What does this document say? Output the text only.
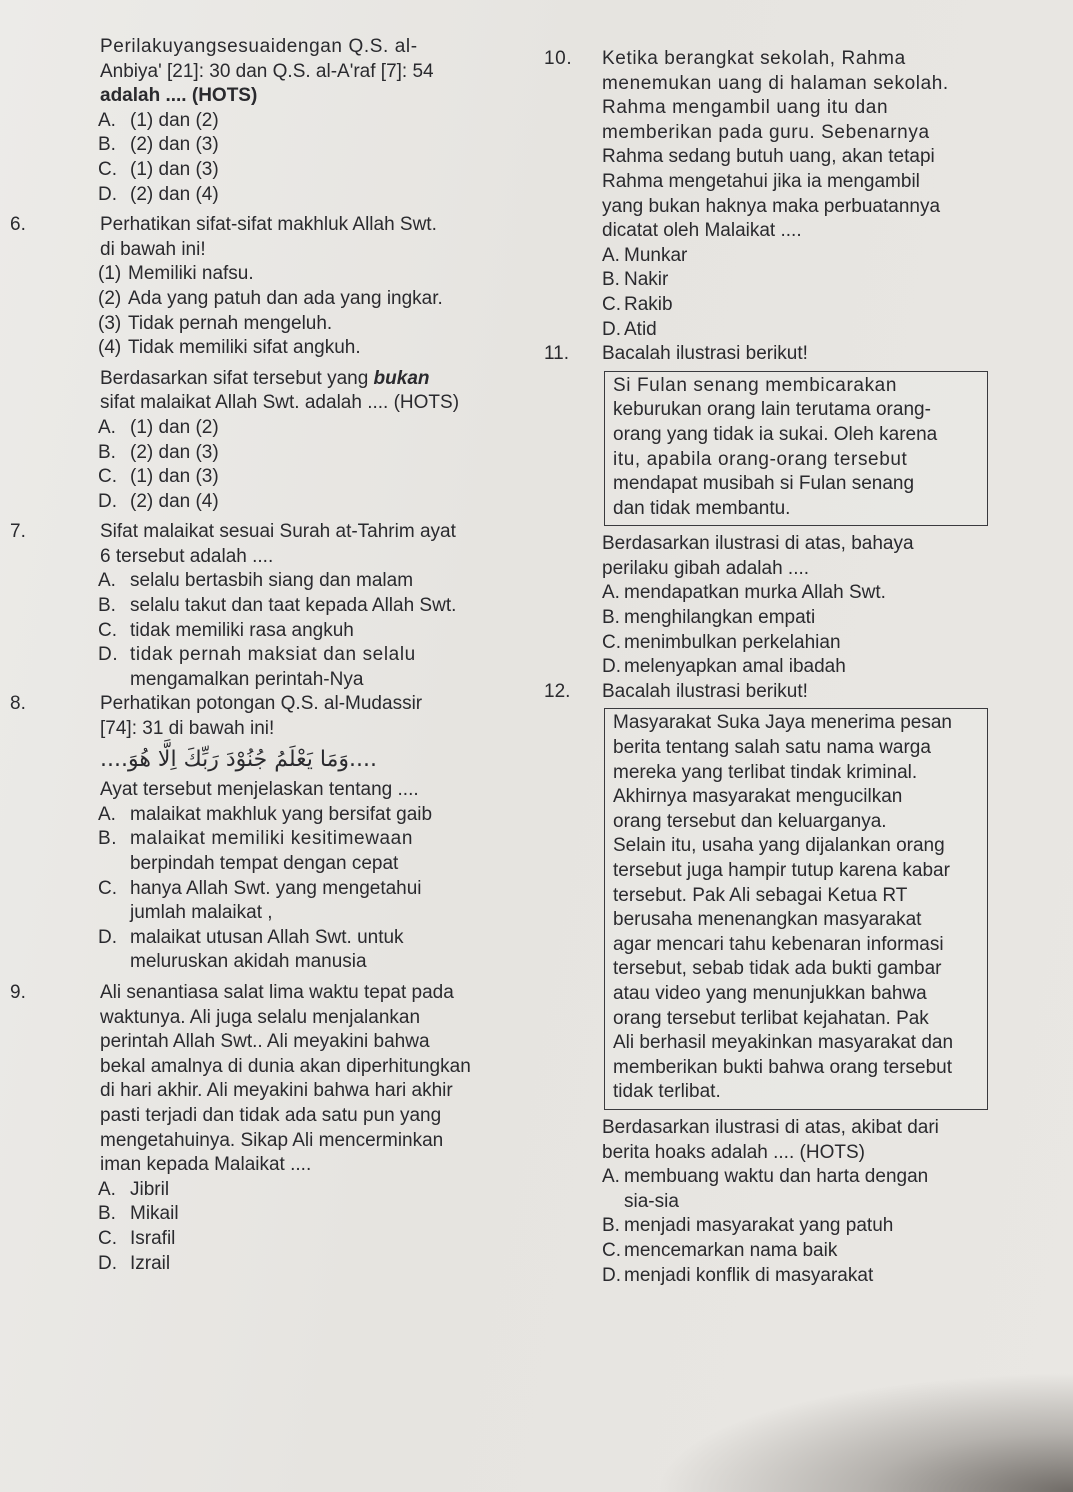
Perilakuyangsesuaidengan Q.S. al-

Anbiya' [21]: 30 dan Q.S. al-A'raf [7]: 54

adalah .... (HOTS)

A. (1) dan (2)

B. (2) dan (3)

C. (1) dan (3)

D. (2) dan (4)

6.	Perhatikan sifat-sifat makhluk Allah Swt.

di bawah ini!

(1) Memiliki nafsu.

(2) Ada yang patuh dan ada yang ingkar.

(3) Tidak pernah mengeluh.

(4) Tidak memiliki sifat angkuh.

Berdasarkan sifat tersebut yang bukan

sifat malaikat Allah Swt. adalah .... (HOTS)

A. (1) dan (2)

B. (2) dan (3)

C. (1) dan (3)

D. (2) dan (4)

7.	Sifat malaikat sesuai Surah at-Tahrim ayat

6 tersebut adalah ....

A. selalu bertasbih siang dan malam

B. selalu takut dan taat kepada Allah Swt.

C. tidak memiliki rasa angkuh

D. tidak pernah maksiat dan selalu

mengamalkan perintah-Nya

8.	Perhatikan potongan Q.S. al-Mudassir

[74]: 31 di bawah ini!

....وَمَا يَعْلَمُ جُنُوْدَ رَبِّكَ اِلَّا هُوَ....

Ayat tersebut menjelaskan tentang ....

A. malaikat makhluk yang bersifat gaib

B. malaikat memiliki kesitimewaan

berpindah tempat dengan cepat

C. hanya Allah Swt. yang mengetahui

jumlah malaikat ,

D. malaikat utusan Allah Swt. untuk

meluruskan akidah manusia

9.	Ali senantiasa salat lima waktu tepat pada

waktunya. Ali juga selalu menjalankan

perintah Allah Swt.. Ali meyakini bahwa

bekal amalnya di dunia akan diperhitungkan

di hari akhir. Ali meyakini bahwa hari akhir

pasti terjadi dan tidak ada satu pun yang

mengetahuinya. Sikap Ali mencerminkan

iman kepada Malaikat ....

A. Jibril

B. Mikail

C. Israfil

D. Izrail

10. Ketika berangkat sekolah, Rahma

menemukan uang di halaman sekolah.

Rahma mengambil uang itu dan

memberikan pada guru. Sebenarnya

Rahma sedang butuh uang, akan tetapi

Rahma mengetahui jika ia mengambil

yang bukan haknya maka perbuatannya

dicatat oleh Malaikat ....

A. Munkar

B. Nakir

C. Rakib

D. Atid

11. Bacalah ilustrasi berikut!

Si Fulan senang membicarakan

keburukan orang lain terutama orang-

orang yang tidak ia sukai. Oleh karena

itu, apabila orang-orang tersebut

mendapat musibah si Fulan senang

dan tidak membantu.

Berdasarkan ilustrasi di atas, bahaya

perilaku gibah adalah ....

A. mendapatkan murka Allah Swt.

B. menghilangkan empati

C. menimbulkan perkelahian

D. melenyapkan amal ibadah

12. Bacalah ilustrasi berikut!

Masyarakat Suka Jaya menerima pesan

berita tentang salah satu nama warga

mereka yang terlibat tindak kriminal.

Akhirnya masyarakat mengucilkan

orang tersebut dan keluarganya.

Selain itu, usaha yang dijalankan orang

tersebut juga hampir tutup karena kabar

tersebut. Pak Ali sebagai Ketua RT

berusaha menenangkan masyarakat

agar mencari tahu kebenaran informasi

tersebut, sebab tidak ada bukti gambar

atau video yang menunjukkan bahwa

orang tersebut terlibat kejahatan. Pak

Ali berhasil meyakinkan masyarakat dan

memberikan bukti bahwa orang tersebut

tidak terlibat.

Berdasarkan ilustrasi di atas, akibat dari

berita hoaks adalah .... (HOTS)

A. membuang waktu dan harta dengan

sia-sia

B. menjadi masyarakat yang patuh

C. mencemarkan nama baik

D. menjadi konflik di masyarakat
